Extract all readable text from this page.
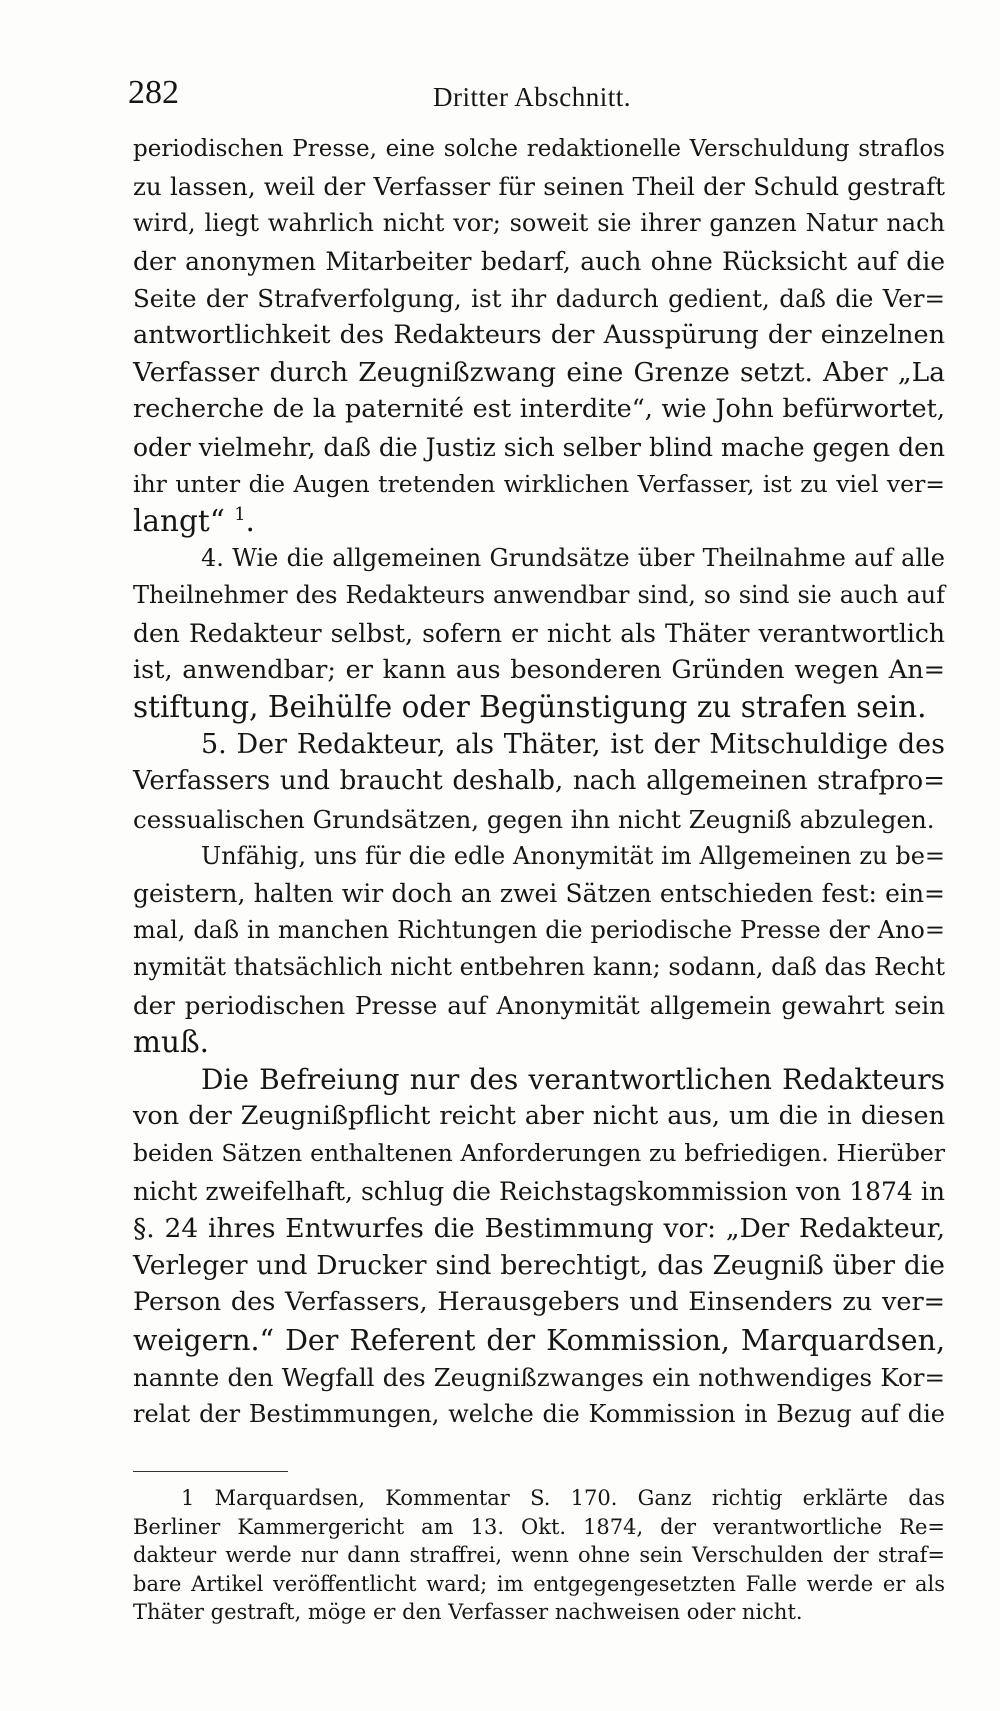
282	Dritter Abschnitt.
periodischen Presse, eine solche redaktionelle Verschuldung straflos
zu lassen, weil der Verfasser für seinen Theil der Schuld gestraft
wird, liegt wahrlich nicht vor; soweit sie ihrer ganzen Natur nach
der anonymen Mitarbeiter bedarf, auch ohne Rücksicht auf die
Seite der Strafverfolgung, ist ihr dadurch gedient, daß die Ver=
antwortlichkeit des Redakteurs der Ausspürung der einzelnen
Verfasser durch Zeugnißzwang eine Grenze setzt. Aber „La
recherche de la paternité est interdite“, wie John befürwortet,
oder vielmehr, daß die Justiz sich selber blind mache gegen den
ihr unter die Augen tretenden wirklichen Verfasser, ist zu viel ver=
langt“ $^1$.
4. Wie die allgemeinen Grundsätze über Theilnahme auf alle
Theilnehmer des Redakteurs anwendbar sind, so sind sie auch auf
den Redakteur selbst, sofern er nicht als Thäter verantwortlich
ist, anwendbar; er kann aus besonderen Gründen wegen An=
stiftung, Beihülfe oder Begünstigung zu strafen sein.
5. Der Redakteur, als Thäter, ist der Mitschuldige des
Verfassers und braucht deshalb, nach allgemeinen strafpro=
cessualischen Grundsätzen, gegen ihn nicht Zeugniß abzulegen.
Unfähig, uns für die edle Anonymität im Allgemeinen zu be=
geistern, halten wir doch an zwei Sätzen entschieden fest: ein=
mal, daß in manchen Richtungen die periodische Presse der Ano=
nymität thatsächlich nicht entbehren kann; sodann, daß das Recht
der periodischen Presse auf Anonymität allgemein gewahrt sein
muß.
Die Befreiung nur des verantwortlichen Redakteurs
von der Zeugnißpflicht reicht aber nicht aus, um die in diesen
beiden Sätzen enthaltenen Anforderungen zu befriedigen. Hierüber
nicht zweifelhaft, schlug die Reichstagskommission von 1874 in
§. 24 ihres Entwurfes die Bestimmung vor: „Der Redakteur,
Verleger und Drucker sind berechtigt, das Zeugniß über die
Person des Verfassers, Herausgebers und Einsenders zu ver=
weigern.“ Der Referent der Kommission, Marquardsen,
nannte den Wegfall des Zeugnißzwanges ein nothwendiges Kor=
relat der Bestimmungen, welche die Kommission in Bezug auf die
1 Marquardsen, Kommentar S. 170. Ganz richtig erklärte das
Berliner Kammergericht am 13. Okt. 1874, der verantwortliche Re=
dakteur werde nur dann straffrei, wenn ohne sein Verschulden der straf=
bare Artikel veröffentlicht ward; im entgegengesetzten Falle werde er als
Thäter gestraft, möge er den Verfasser nachweisen oder nicht.
